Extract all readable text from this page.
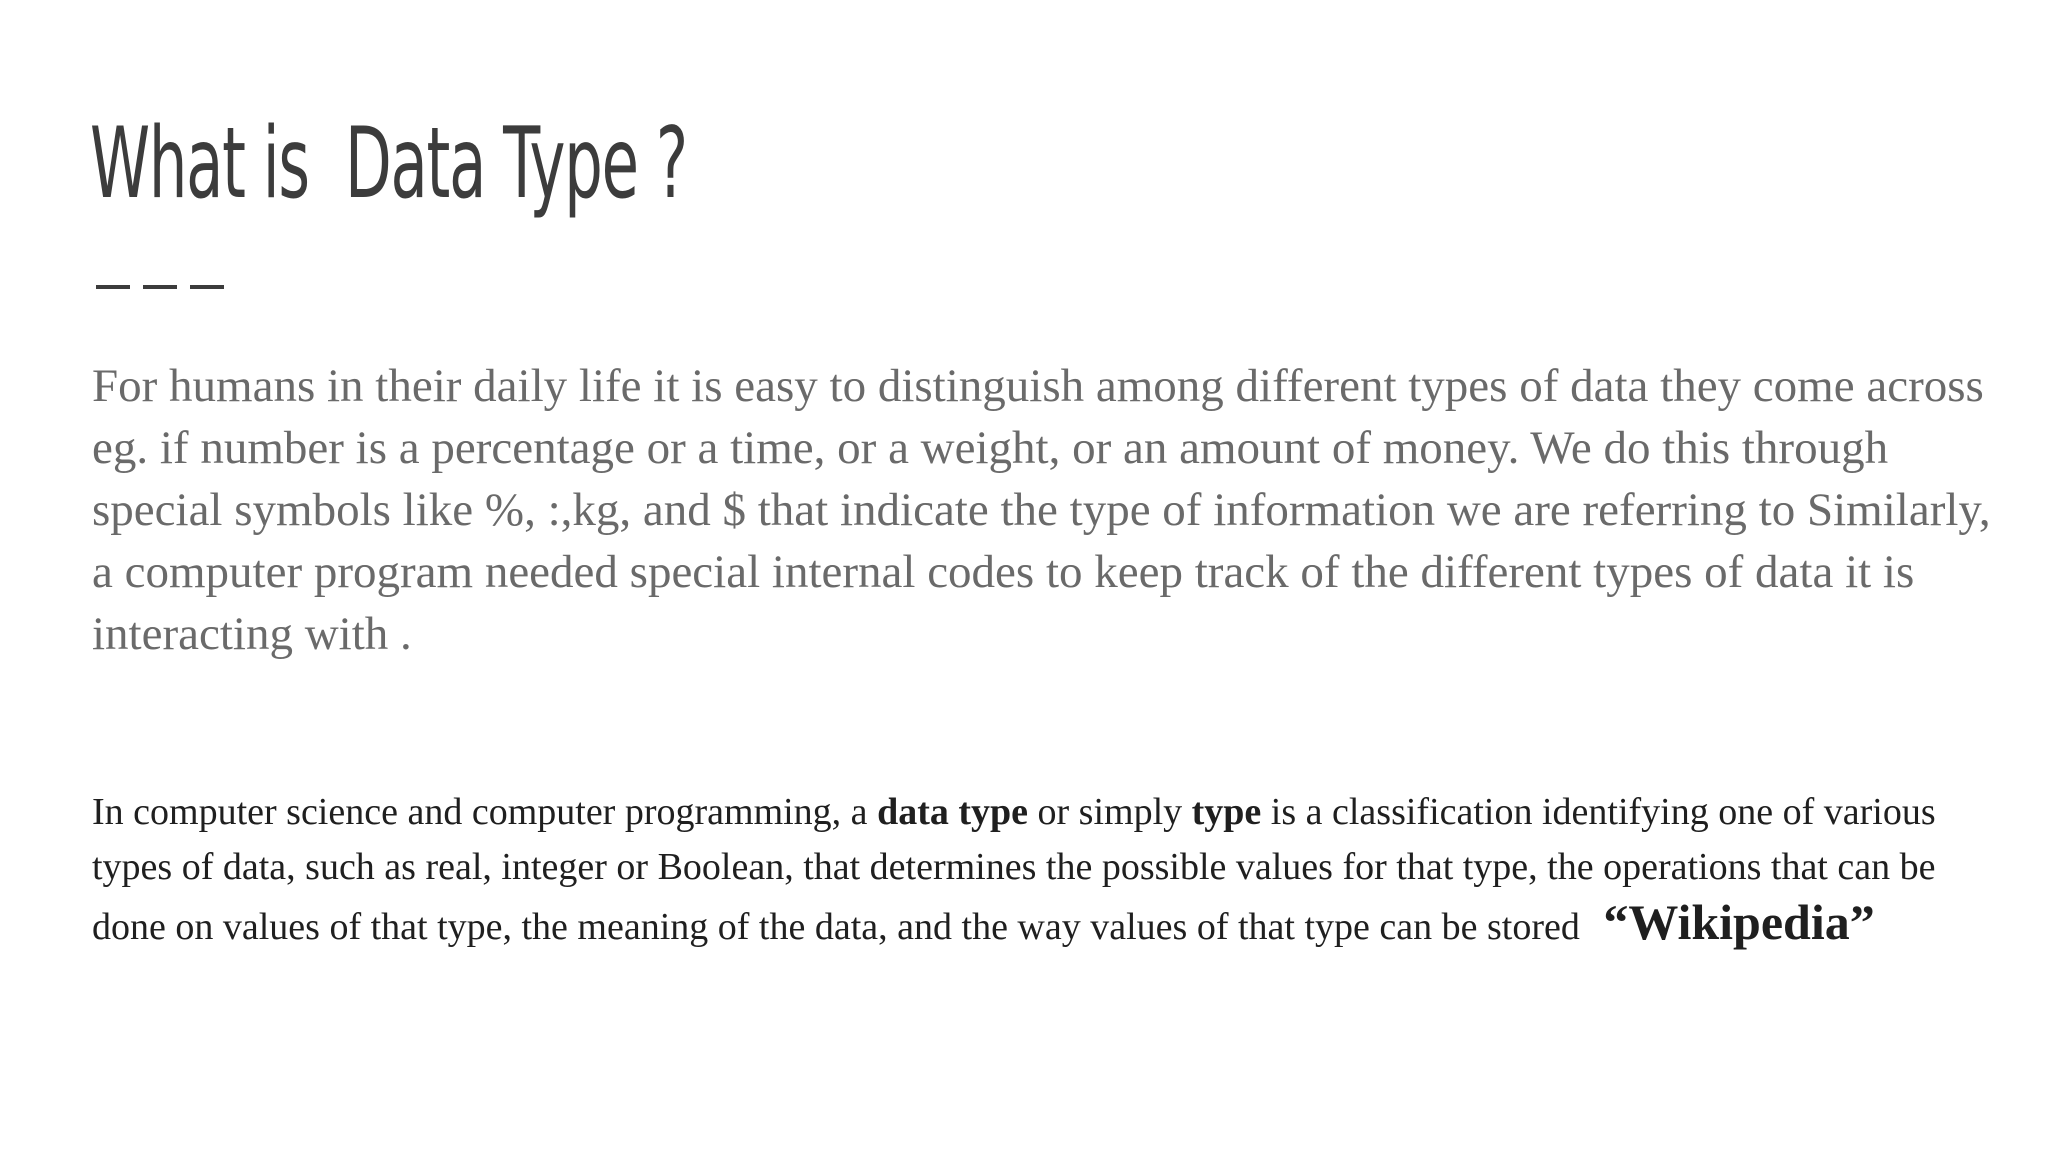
What is  Data Type ?

For humans in their daily life it is easy to distinguish among different types of data they come across eg. if number is a percentage or a time, or a weight, or an amount of money. We do this through special symbols like %, :,kg, and $ that indicate the type of information we are referring to Similarly, a computer program needed special internal codes to keep track of the different types of data it is interacting with .

In computer science and computer programming, a data type or simply type is a classification identifying one of various types of data, such as real, integer or Boolean, that determines the possible values for that type, the operations that can be done on values of that type, the meaning of the data, and the way values of that type can be stored “Wikipedia”
